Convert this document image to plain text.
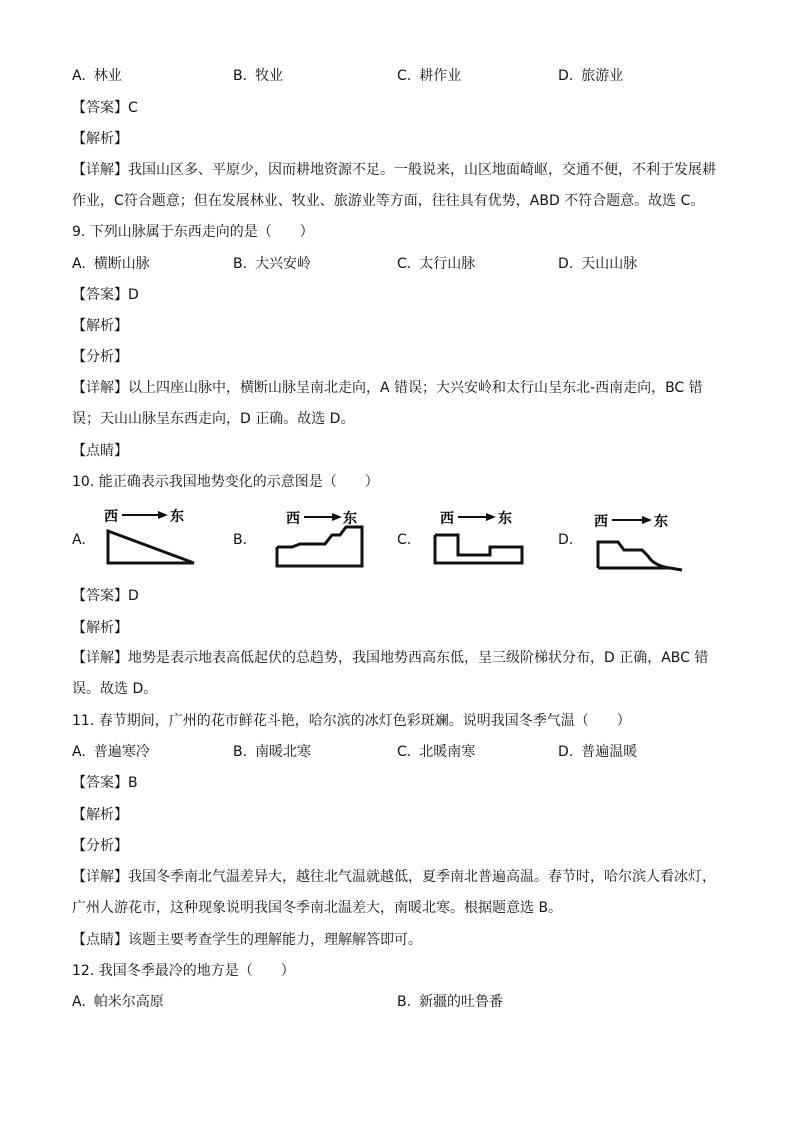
A. 林业	B. 牧业	C. 耕作业	D. 旅游业
【答案】C
【解析】
【详解】我国山区多、平原少，因而耕地资源不足。一般说来，山区地面崎岖，交通不便，不利于发展耕作业，C符合题意；但在发展林业、牧业、旅游业等方面，往往具有优势，ABD 不符合题意。故选 C。
9. 下列山脉属于东西走向的是（　　）
A. 横断山脉	B. 大兴安岭	C. 太行山脉	D. 天山山脉
【答案】D
【解析】
【分析】
【详解】以上四座山脉中，横断山脉呈南北走向，A 错误；大兴安岭和太行山呈东北-西南走向，BC 错误；天山山脉呈东西走向，D 正确。故选 D。
【点睛】
10. 能正确表示我国地势变化的示意图是（　　）
A.
西	东
B.
西	东
C.
西	东
D.
西	东
【答案】D
【解析】
【详解】地势是表示地表高低起伏的总趋势，我国地势西高东低，呈三级阶梯状分布，D 正确，ABC 错误。故选 D。
11. 春节期间，广州的花市鲜花斗艳，哈尔滨的冰灯色彩斑斓。说明我国冬季气温（　　）
A. 普遍寒冷	B. 南暖北寒	C. 北暖南寒	D. 普遍温暖
【答案】B
【解析】
【分析】
【详解】我国冬季南北气温差异大，越往北气温就越低，夏季南北普遍高温。春节时，哈尔滨人看冰灯，广州人游花市，这种现象说明我国冬季南北温差大，南暖北寒。根据题意选 B。
【点睛】该题主要考查学生的理解能力，理解解答即可。
12. 我国冬季最冷的地方是（　　）
A. 帕米尔高原	B. 新疆的吐鲁番
